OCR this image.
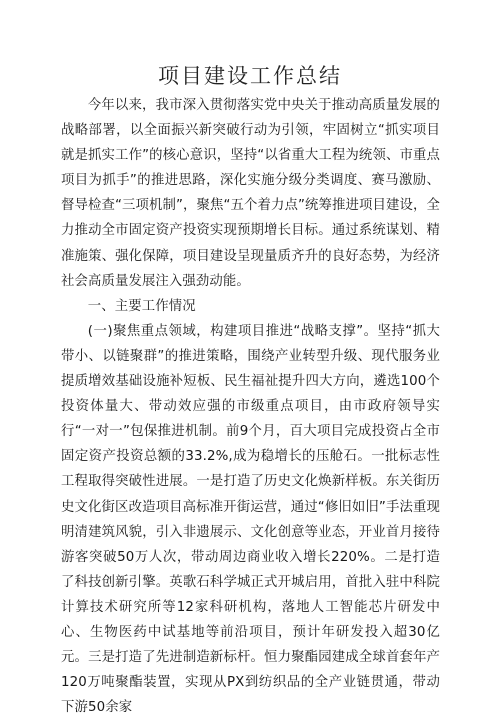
项目建设工作总结

今年以来，我市深入贯彻落实党中央关于推动高质量发展的战略部署，以全面振兴新突破行动为引领，牢固树立“抓实项目就是抓实工作”的核心意识，坚持“以省重大工程为统领、市重点项目为抓手”的推进思路，深化实施分级分类调度、赛马激励、督导检查“三项机制”，聚焦“五个着力点”统筹推进项目建设，全力推动全市固定资产投资实现预期增长目标。通过系统谋划、精准施策、强化保障，项目建设呈现量质齐升的良好态势，为经济社会高质量发展注入强劲动能。

一、主要工作情况

(一)聚焦重点领域，构建项目推进“战略支撑”。坚持“抓大带小、以链聚群”的推进策略，围绕产业转型升级、现代服务业提质增效基础设施补短板、民生福祉提升四大方向，遴选100个投资体量大、带动效应强的市级重点项目，由市政府领导实行“一对一”包保推进机制。前9个月，百大项目完成投资占全市固定资产投资总额的33.2%,成为稳增长的压舱石。一批标志性工程取得突破性进展。一是打造了历史文化焕新样板。东关街历史文化街区改造项目高标准开街运营，通过“修旧如旧”手法重现明清建筑风貌，引入非遗展示、文化创意等业态，开业首月接待游客突破50万人次，带动周边商业收入增长220%。二是打造了科技创新引擎。英歌石科学城正式开城启用，首批入驻中科院计算技术研究所等12家科研机构，落地人工智能芯片研发中心、生物医药中试基地等前沿项目，预计年研发投入超30亿元。三是打造了先进制造新标杆。恒力聚酯园建成全球首套年产120万吨聚酯装置，实现从PX到纺织品的全产业链贯通，带动下游50余家
